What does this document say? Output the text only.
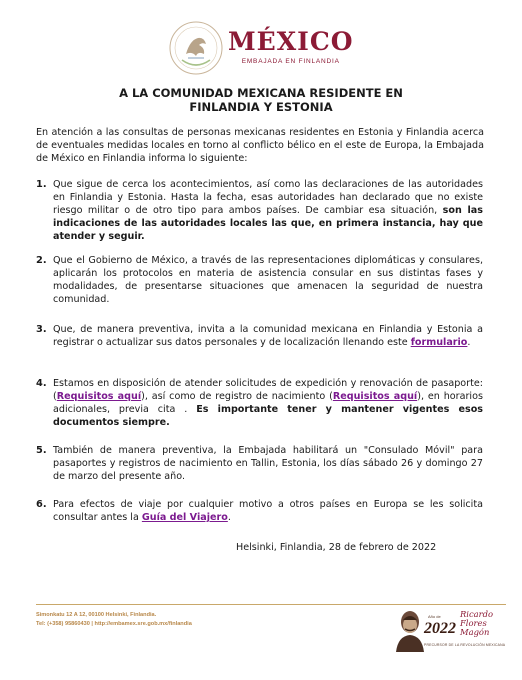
MÉXICO
EMBAJADA EN FINLANDIA
A LA COMUNIDAD MEXICANA RESIDENTE EN
FINLANDIA Y ESTONIA
En atención a las consultas de personas mexicanas residentes en Estonia y Finlandia acerca de eventuales medidas locales en torno al conflicto bélico en el este de Europa, la Embajada de México en Finlandia informa lo siguiente:
1. Que sigue de cerca los acontecimientos, así como las declaraciones de las autoridades en Finlandia y Estonia. Hasta la fecha, esas autoridades han declarado que no existe riesgo militar o de otro tipo para ambos países. De cambiar esa situación, son las indicaciones de las autoridades locales las que, en primera instancia, hay que atender y seguir.
2. Que el Gobierno de México, a través de las representaciones diplomáticas y consulares, aplicarán los protocolos en materia de asistencia consular en sus distintas fases y modalidades, de presentarse situaciones que amenacen la seguridad de nuestra comunidad.
3. Que, de manera preventiva, invita a la comunidad mexicana en Finlandia y Estonia a registrar o actualizar sus datos personales y de localización llenando este formulario.
4. Estamos en disposición de atender solicitudes de expedición y renovación de pasaporte: (Requisitos aquí), así como de registro de nacimiento (Requisitos aquí), en horarios adicionales, previa cita . Es importante tener y mantener vigentes esos documentos siempre.
5. También de manera preventiva, la Embajada habilitará un "Consulado Móvil" para pasaportes y registros de nacimiento en Tallin, Estonia, los días sábado 26 y domingo 27 de marzo del presente año.
6. Para efectos de viaje por cualquier motivo a otros países en Europa se les solicita consultar antes la Guía del Viajero.
Helsinki, Finlandia, 28 de febrero de 2022
Simonkatu 12 A 12, 00100 Helsinki, Finlandia.
Tel: (+358) 95860430 | http://embamex.sre.gob.mx/finlandia	2022
Año de Ricardo Flores Magón
PRECURSOR DE LA REVOLUCIÓN MEXICANA
